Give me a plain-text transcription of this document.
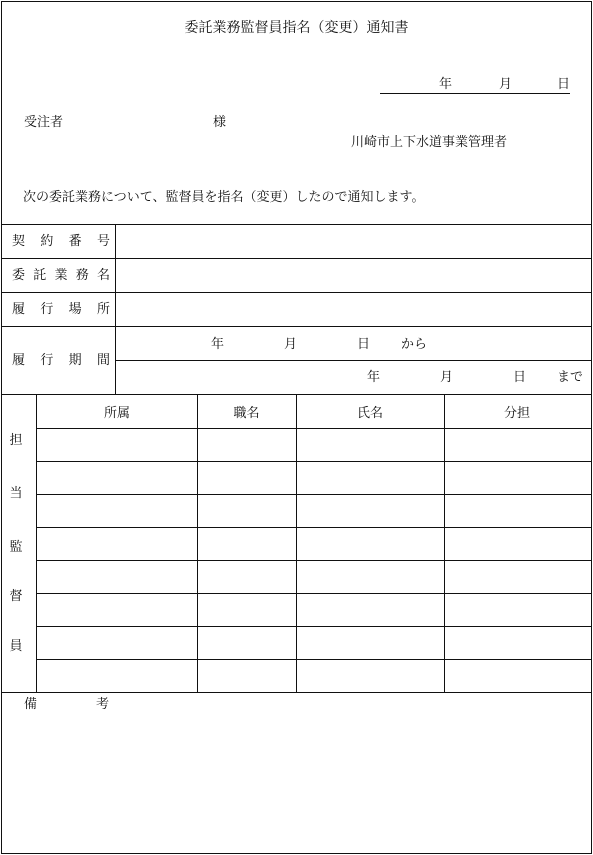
委託業務監督員指名（変更）通知書
年	月	日
受注者	様
川崎市上下水道事業管理者
次の委託業務について、監督員を指名（変更）したので通知します。
契 約 番 号
委 託 業 務 名
履 行 場 所
履 行 期 間
年	月	日 から
年	月	日 まで
所属	職名	氏名	分担
担
当
監
督
員
備	考
